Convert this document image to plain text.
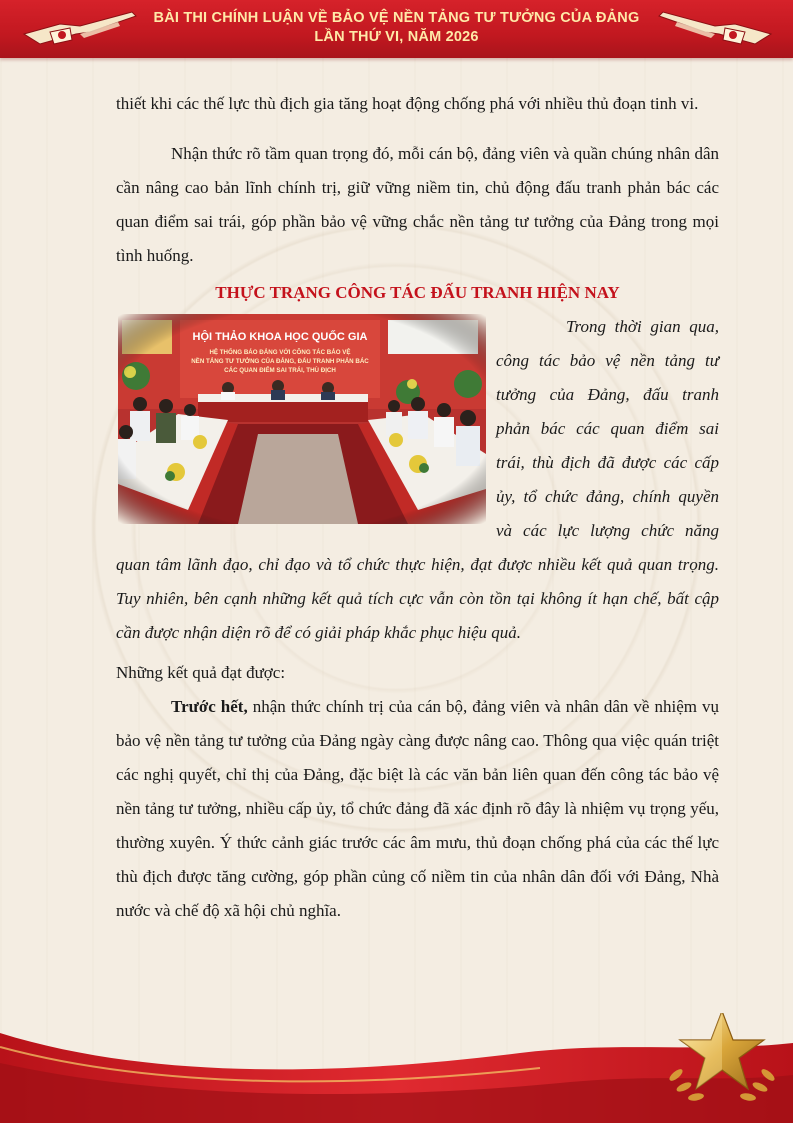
BÀI THI CHÍNH LUẬN VỀ BẢO VỆ NỀN TẢNG TƯ TƯỞNG CỦA ĐẢNG
LẦN THỨ VI, NĂM 2026

thiết khi các thế lực thù địch gia tăng hoạt động chống phá với nhiều thủ đoạn tinh vi.

Nhận thức rõ tầm quan trọng đó, mỗi cán bộ, đảng viên và quần chúng nhân dân cần nâng cao bản lĩnh chính trị, giữ vững niềm tin, chủ động đấu tranh phản bác các quan điểm sai trái, góp phần bảo vệ vững chắc nền tảng tư tưởng của Đảng trong mọi tình huống.

THỰC TRẠNG CÔNG TÁC ĐẤU TRANH HIỆN NAY

Trong thời gian qua, công tác bảo vệ nền tảng tư tưởng của Đảng, đấu tranh phản bác các quan điểm sai trái, thù địch đã được các cấp ủy, tổ chức đảng, chính quyền và các lực lượng chức năng quan tâm lãnh đạo, chỉ đạo và tổ chức thực hiện, đạt được nhiều kết quả quan trọng. Tuy nhiên, bên cạnh những kết quả tích cực vẫn còn tồn tại không ít hạn chế, bất cập cần được nhận diện rõ để có giải pháp khắc phục hiệu quả.

Những kết quả đạt được:

Trước hết, nhận thức chính trị của cán bộ, đảng viên và nhân dân về nhiệm vụ bảo vệ nền tảng tư tưởng của Đảng ngày càng được nâng cao. Thông qua việc quán triệt các nghị quyết, chỉ thị của Đảng, đặc biệt là các văn bản liên quan đến công tác bảo vệ nền tảng tư tưởng, nhiều cấp ủy, tổ chức đảng đã xác định rõ đây là nhiệm vụ trọng yếu, thường xuyên. Ý thức cảnh giác trước các âm mưu, thủ đoạn chống phá của các thế lực thù địch được tăng cường, góp phần củng cố niềm tin của nhân dân đối với Đảng, Nhà nước và chế độ xã hội chủ nghĩa.
